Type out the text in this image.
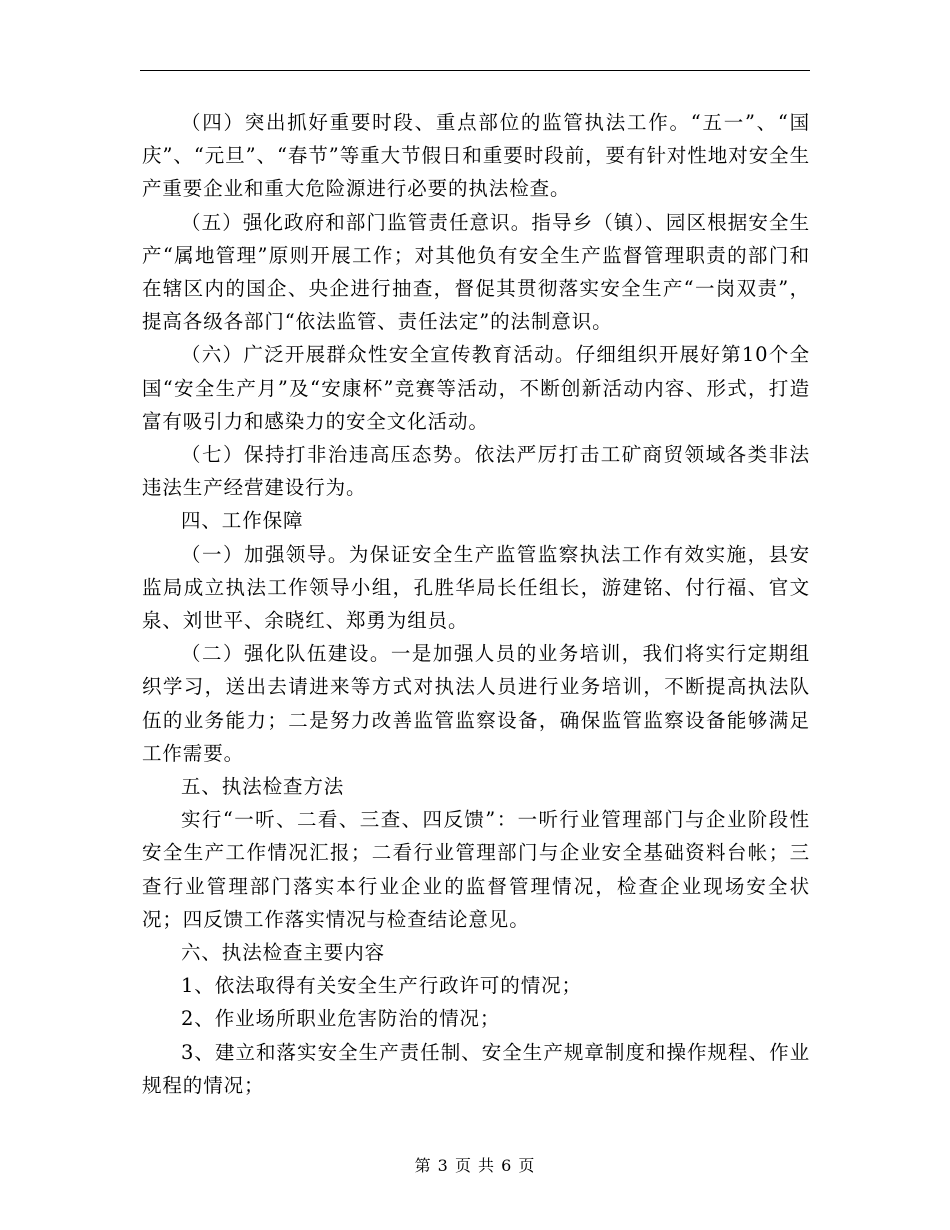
（四）突出抓好重要时段、重点部位的监管执法工作。“五一”、“国庆”、“元旦”、“春节”等重大节假日和重要时段前，要有针对性地对安全生产重要企业和重大危险源进行必要的执法检查。

（五）强化政府和部门监管责任意识。指导乡（镇）、园区根据安全生产“属地管理”原则开展工作；对其他负有安全生产监督管理职责的部门和在辖区内的国企、央企进行抽查，督促其贯彻落实安全生产“一岗双责”，提高各级各部门“依法监管、责任法定”的法制意识。

（六）广泛开展群众性安全宣传教育活动。仔细组织开展好第10个全国“安全生产月”及“安康杯”竞赛等活动，不断创新活动内容、形式，打造富有吸引力和感染力的安全文化活动。

（七）保持打非治违高压态势。依法严厉打击工矿商贸领域各类非法违法生产经营建设行为。

四、工作保障

（一）加强领导。为保证安全生产监管监察执法工作有效实施，县安监局成立执法工作领导小组，孔胜华局长任组长，游建铭、付行福、官文泉、刘世平、余晓红、郑勇为组员。

（二）强化队伍建设。一是加强人员的业务培训，我们将实行定期组织学习，送出去请进来等方式对执法人员进行业务培训，不断提高执法队伍的业务能力；二是努力改善监管监察设备，确保监管监察设备能够满足工作需要。

五、执法检查方法

实行“一听、二看、三查、四反馈”：一听行业管理部门与企业阶段性安全生产工作情况汇报；二看行业管理部门与企业安全基础资料台帐；三查行业管理部门落实本行业企业的监督管理情况，检查企业现场安全状况；四反馈工作落实情况与检查结论意见。

六、执法检查主要内容

1、依法取得有关安全生产行政许可的情况；

2、作业场所职业危害防治的情况；

3、建立和落实安全生产责任制、安全生产规章制度和操作规程、作业规程的情况；

第 3 页 共 6 页
